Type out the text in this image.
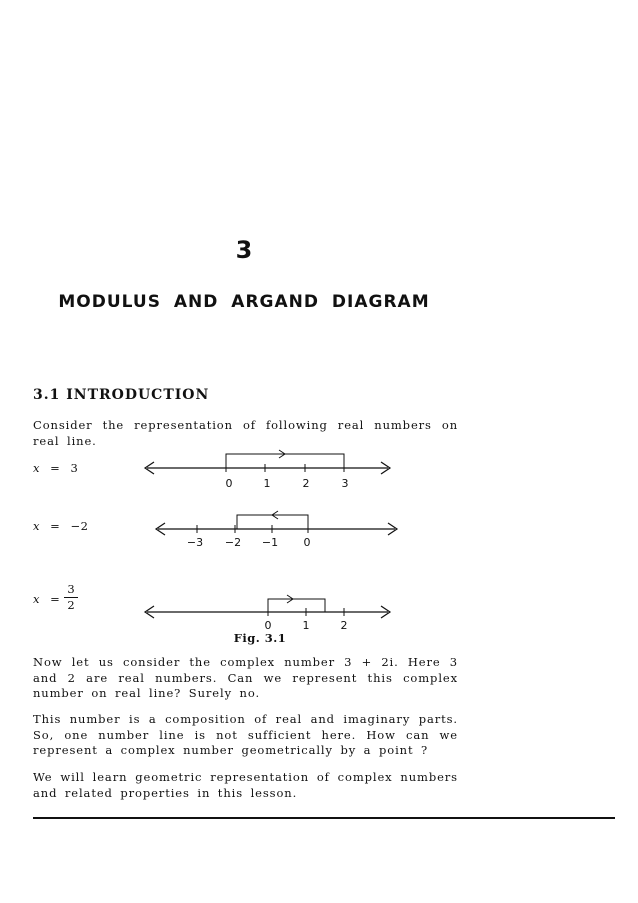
3
MODULUS AND ARGAND DIAGRAM
3.1 INTRODUCTION
Consider the representation of following real numbers on real line.
x = 3
x = −2
x =
3
2
0	1	2	3
−3 −2 −1 0
0	1	2
Fig. 3.1
Now let us consider the complex number 3 + 2i. Here 3 and 2 are real numbers. Can we represent this complex number on real line? Surely no.
This number is a composition of real and imaginary parts. So, one number line is not sufficient here. How can we represent a complex number geometrically by a point ?
We will learn geometric representation of complex numbers and related properties in this lesson.
